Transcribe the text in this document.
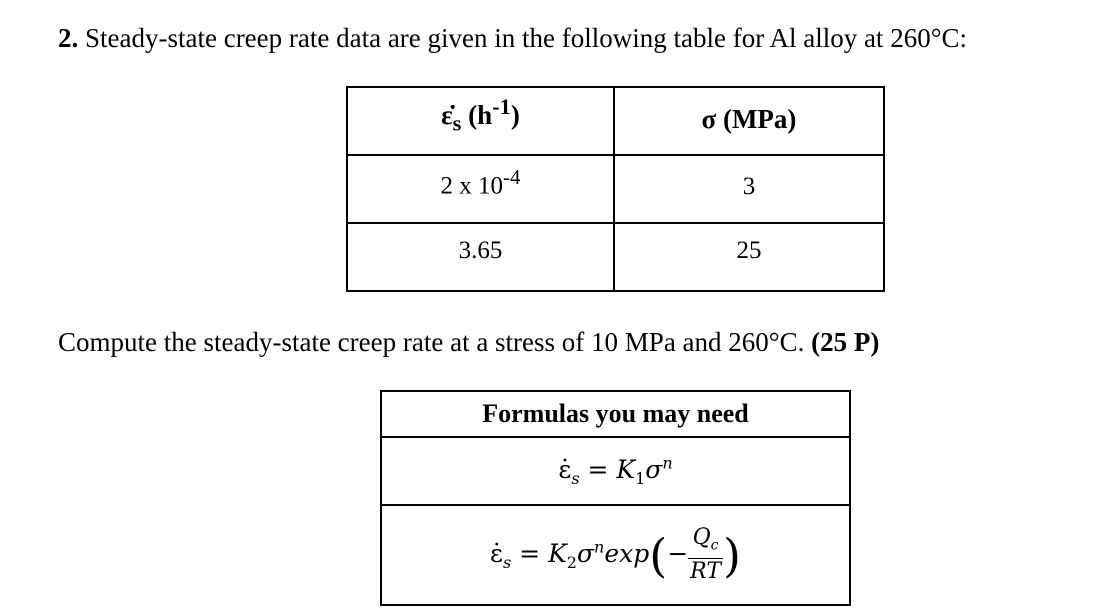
2. Steady-state creep rate data are given in the following table for Al alloy at 260°C:
$\varepsiloṅ_s$ $(h^{-1})$	σ (MPa)
2 x $10^{-4}$	3
3.65	25
Compute the steady-state creep rate at a stress of 10 MPa and 260°C. (25 P)
Formulas you may need
$\varepsiloṅ_s = K_1\sigma^n$
$\varepsiloṅ_s = K_2\sigma^n\exp(- \frac{Q_c}{RT}$ )
